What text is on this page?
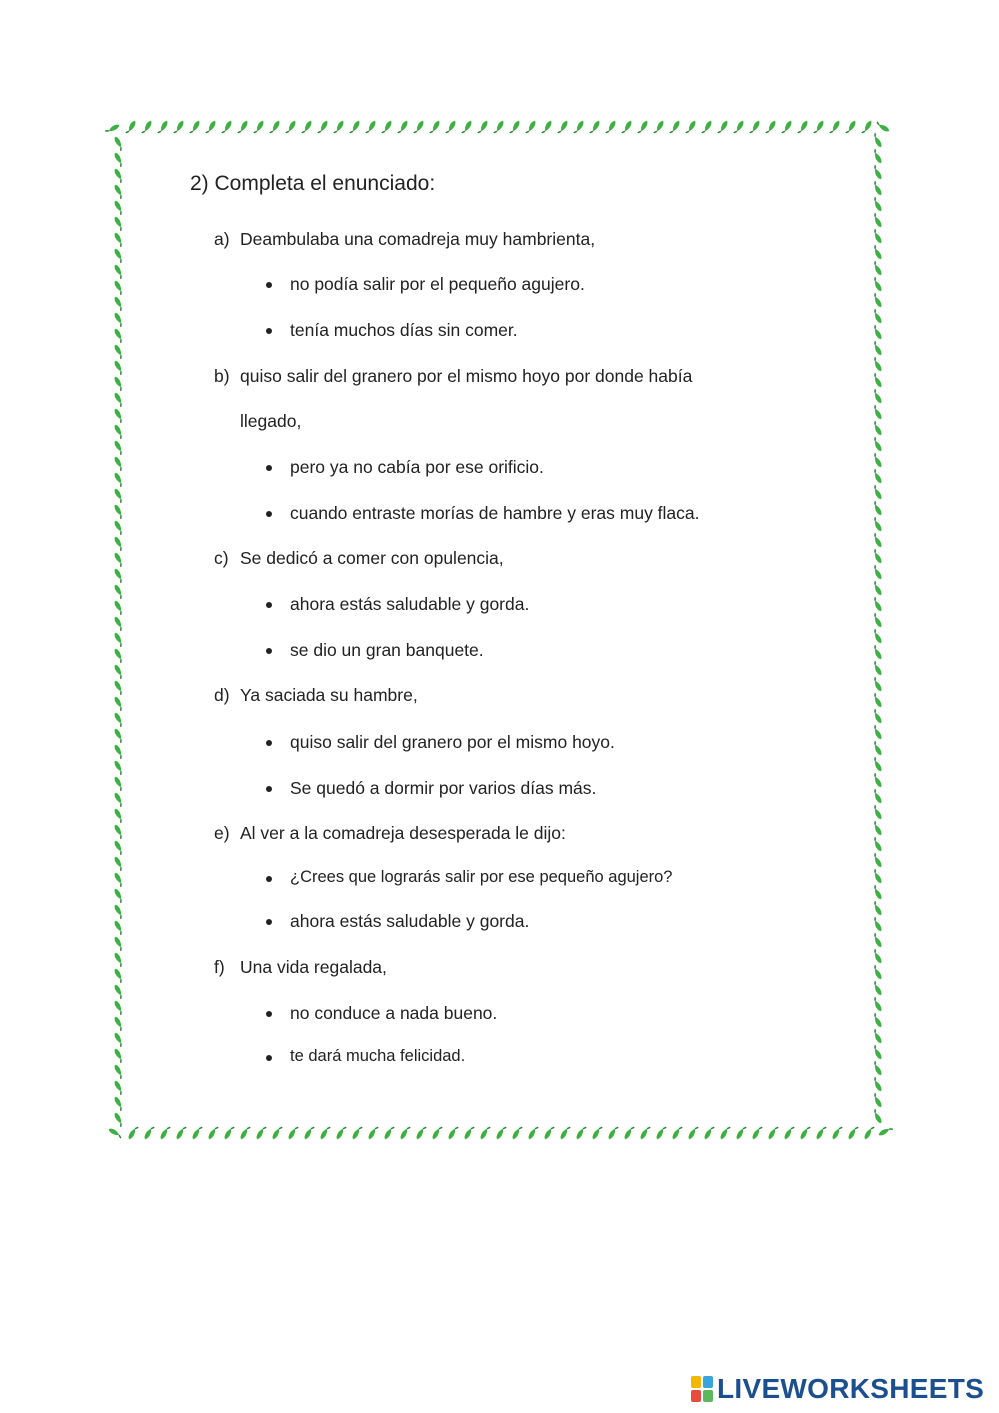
2) Completa el enunciado:
a) Deambulaba una comadreja muy hambrienta,
no podía salir por el pequeño agujero.
tenía muchos días sin comer.
b) quiso salir del granero por el mismo hoyo por donde había
llegado,
pero ya no cabía por ese orificio.
cuando entraste morías de hambre y eras muy flaca.
c) Se dedicó a comer con opulencia,
ahora estás saludable y gorda.
se dio un gran banquete.
d) Ya saciada su hambre,
quiso salir del granero por el mismo hoyo.
Se quedó a dormir por varios días más.
e) Al ver a la comadreja desesperada le dijo:
¿Crees que lograrás salir por ese pequeño agujero?
ahora estás saludable y gorda.
f) Una vida regalada,
no conduce a nada bueno.
te dará mucha felicidad.
LIVEWORKSHEETS
